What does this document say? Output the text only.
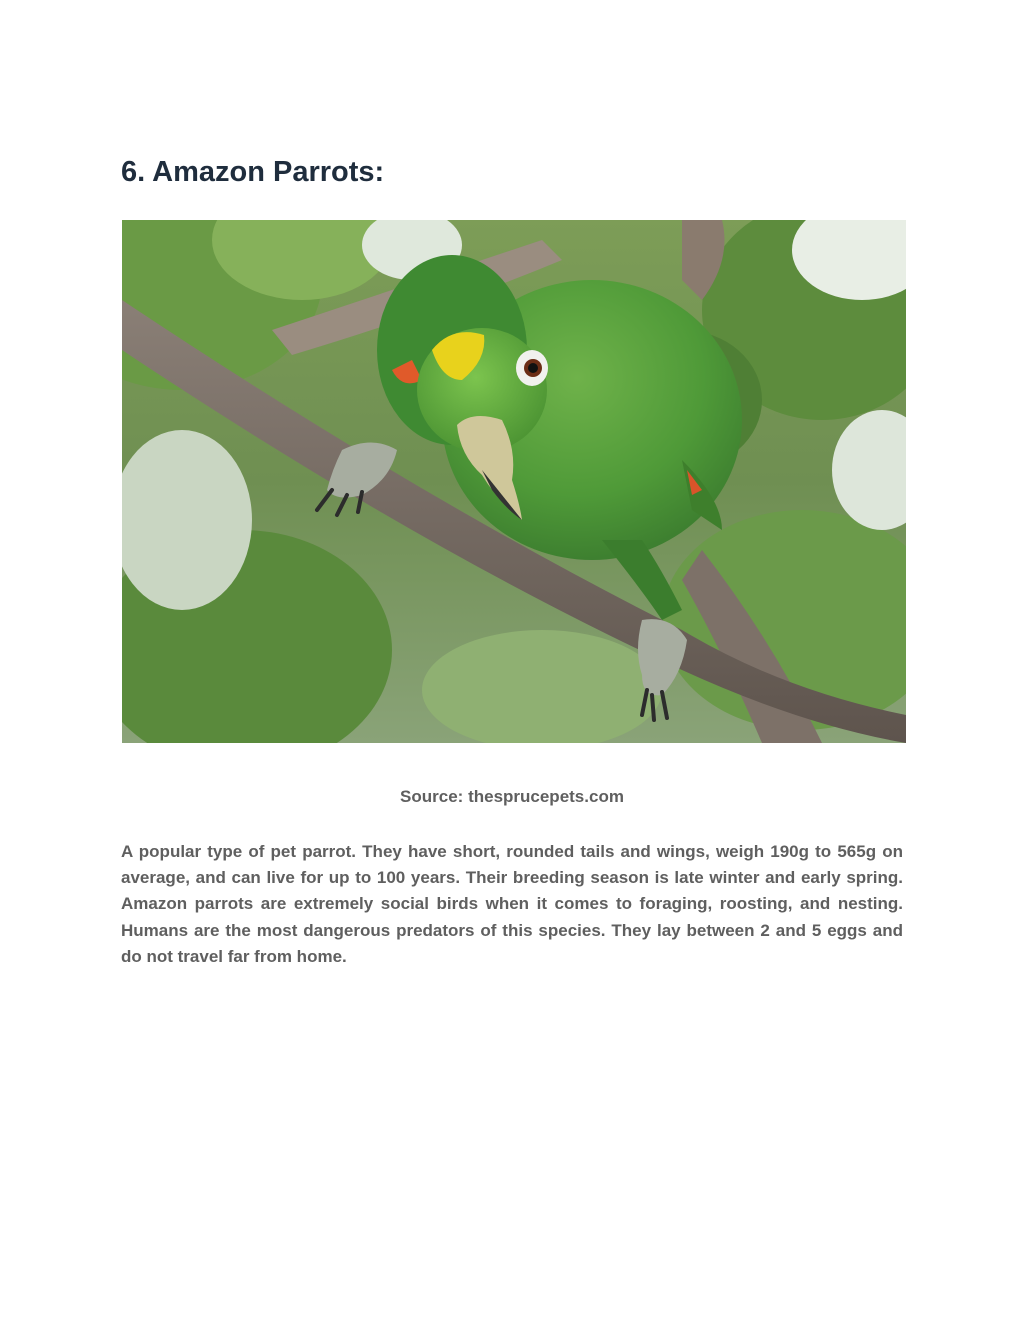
6. Amazon Parrots:
Source: thesprucepets.com

A popular type of pet parrot. They have short, rounded tails and wings, weigh 190g to 565g on average, and can live for up to 100 years. Their breeding season is late winter and early spring. Amazon parrots are extremely social birds when it comes to foraging, roosting, and nesting. Humans are the most dangerous predators of this species. They lay between 2 and 5 eggs and do not travel far from home.
